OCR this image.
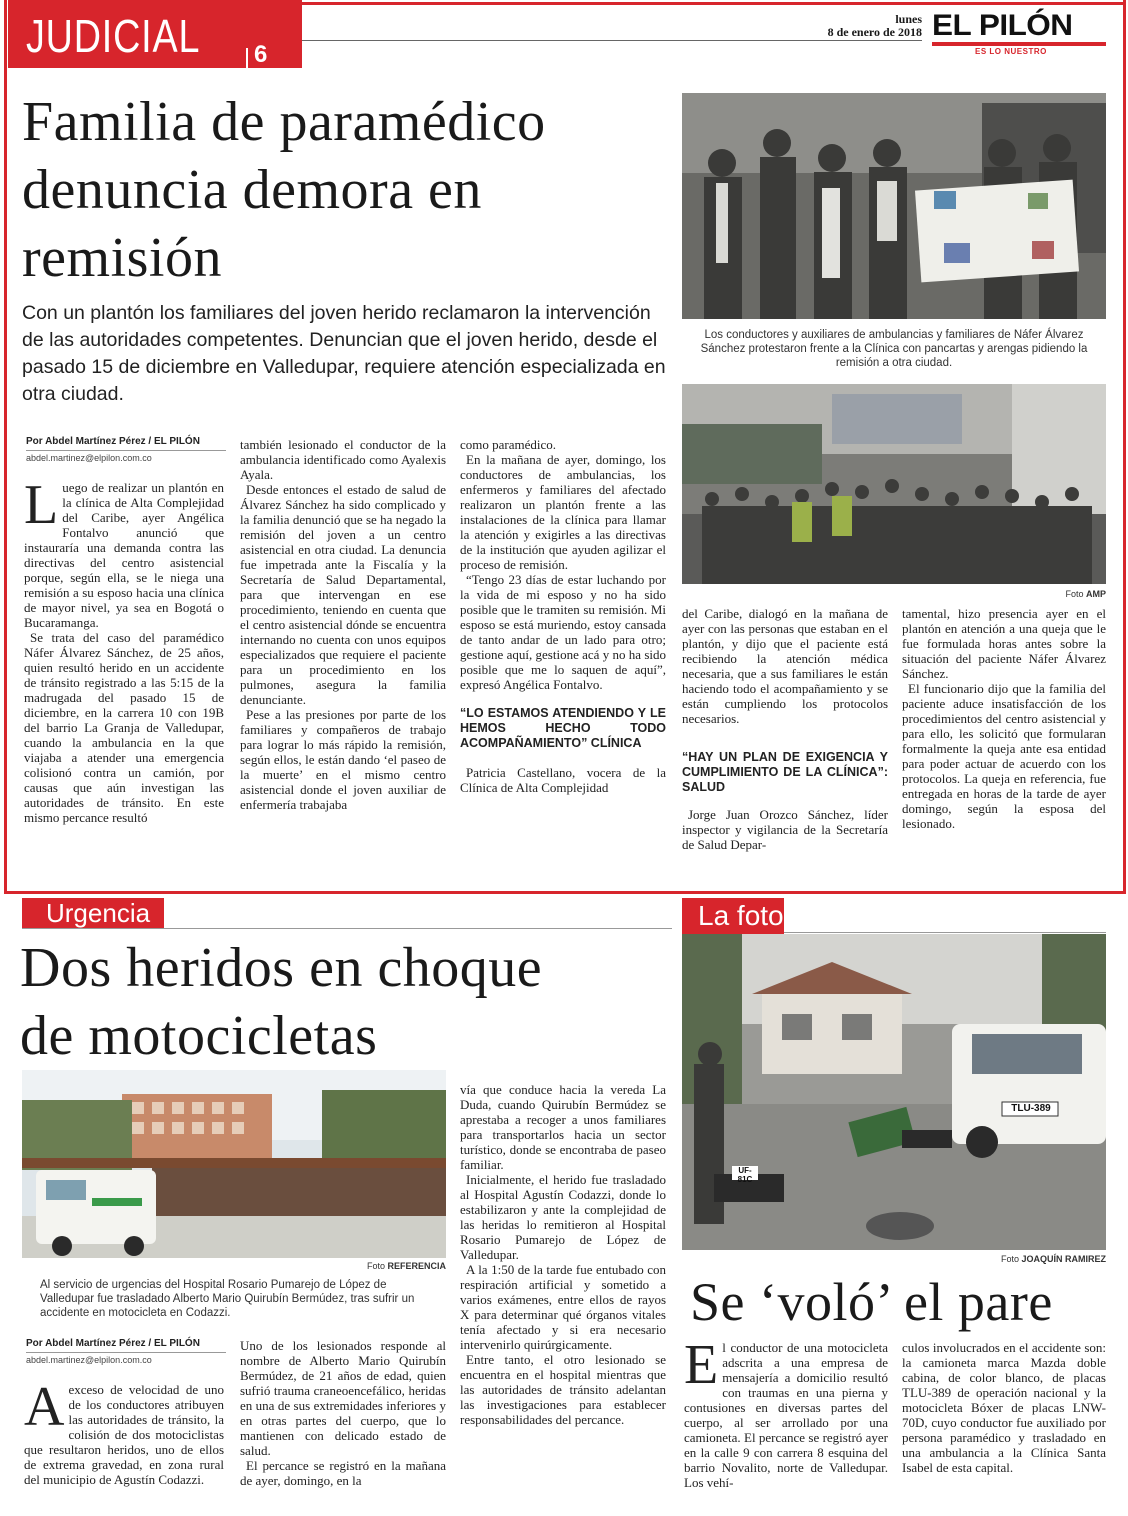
JUDICIAL 6
lunes
8 de enero de 2018 EL PILÓN
ES LO NUESTRO
Familia de paramédico
denuncia demora en
remisión
Con un plantón los familiares del joven herido reclamaron la intervención de las autoridades competentes. Denuncian que el joven herido, desde el pasado 15 de diciembre en Valledupar, requiere atención especializada en otra ciudad.
Los conductores y auxiliares de ambulancias y familiares de Náfer Álvarez Sánchez protestaron frente a la Clínica con pancartas y arengas pidiendo la remisión a otra ciudad.
Foto AMP
Por Abdel Martínez Pérez / EL PILÓN
abdel.martinez@elpilon.com.co
L uego de realizar un plantón en la clínica de Alta Complejidad del Caribe, ayer Angélica Fontalvo anunció que instauraría una demanda contra las directivas del centro asistencial porque, según ella, se le niega una remisión a su esposo hacia una clínica de mayor nivel, ya sea en Bogotá o Bucaramanga.

Se trata del caso del paramédico Náfer Álvarez Sánchez, de 25 años, quien resultó herido en un accidente de tránsito registrado a las 5:15 de la madrugada del pasado 15 de diciembre, en la carrera 10 con 19B del barrio La Granja de Valledupar, cuando la ambulancia en la que viajaba a atender una emergencia colisionó contra un camión, por causas que aún investigan las autoridades de tránsito. En este mismo percance resultó

también lesionado el conductor de la ambulancia identificado como Ayalexis Ayala.

Desde entonces el estado de salud de Álvarez Sánchez ha sido complicado y la familia denunció que se ha negado la remisión del joven a un centro asistencial en otra ciudad. La denuncia fue impetrada ante la Fiscalía y la Secretaría de Salud Departamental, para que intervengan en ese procedimiento, teniendo en cuenta que el centro asistencial dónde se encuentra internando no cuenta con unos equipos especializados que requiere el paciente para un procedimiento en los pulmones, asegura la familia denunciante.

Pese a las presiones por parte de los familiares y compañeros de trabajo para lograr lo más rápido la remisión, según ellos, le están dando ‘el paseo de la muerte’ en el mismo centro asistencial donde el joven auxiliar de enfermería trabajaba

como paramédico.

En la mañana de ayer, domingo, los conductores de ambulancias, los enfermeros y familiares del afectado realizaron un plantón frente a las instalaciones de la clínica para llamar la atención y exigirles a las directivas de la institución que ayuden agilizar el proceso de remisión.

“Tengo 23 días de estar luchando por la vida de mi esposo y no ha sido posible que le tramiten su remisión. Mi esposo se está muriendo, estoy cansada de tanto andar de un lado para otro; gestione aquí, gestione acá y no ha sido posible que me lo saquen de aquí”, expresó Angélica Fontalvo.

“LO ESTAMOS ATENDIENDO Y LE HEMOS HECHO TODO ACOMPAÑAMIENTO” CLÍNICA

Patricia Castellano, vocera de la Clínica de Alta Complejidad

del Caribe, dialogó en la mañana de ayer con las personas que estaban en el plantón, y dijo que el paciente está recibiendo la atención médica necesaria, que a sus familiares le están haciendo todo el acompañamiento y se están cumpliendo los protocolos necesarios.

“HAY UN PLAN DE EXIGENCIA Y CUMPLIMIENTO DE LA CLÍNICA”: SALUD

Jorge Juan Orozco Sánchez, líder inspector y vigilancia de la Secretaría de Salud Depar-

tamental, hizo presencia ayer en el plantón en atención a una queja que le fue formulada horas antes sobre la situación del paciente Náfer Álvarez Sánchez.

El funcionario dijo que la familia del paciente aduce insatisfacción de los procedimientos del centro asistencial y para ello, les solicitó que formularan formalmente la queja ante esa entidad para poder actuar de acuerdo con los protocolos. La queja en referencia, fue entregada en horas de la tarde de ayer domingo, según la esposa del lesionado.

Urgencia
Dos heridos en choque
de motocicletas
Foto REFERENCIA
Al servicio de urgencias del Hospital Rosario Pumarejo de López de Valledupar fue trasladado Alberto Mario Quirubín Bermúdez, tras sufrir un accidente en motocicleta en Codazzi.
Por Abdel Martínez Pérez / EL PILÓN
abdel.martinez@elpilon.com.co
A exceso de velocidad de uno de los conductores atribuyen las autoridades de tránsito, la colisión de dos motociclistas que resultaron heridos, uno de ellos de extrema gravedad, en zona rural del municipio de Agustín Codazzi.

Uno de los lesionados responde al nombre de Alberto Mario Quirubín Bermúdez, de 21 años de edad, quien sufrió trauma craneoencefálico, heridas en una de sus extremidades inferiores y en otras partes del cuerpo, que lo mantienen con delicado estado de salud.

El percance se registró en la mañana de ayer, domingo, en la

vía que conduce hacia la vereda La Duda, cuando Quirubín Bermúdez se aprestaba a recoger a unos familiares para transportarlos hacia un sector turístico, donde se encontraba de paseo familiar.

Inicialmente, el herido fue trasladado al Hospital Agustín Codazzi, donde lo estabilizaron y ante la complejidad de las heridas lo remitieron al Hospital Rosario Pumarejo de López de Valledupar.

A la 1:50 de la tarde fue entubado con respiración artificial y sometido a varios exámenes, entre ellos de rayos X para determinar qué órganos vitales tenía afectado y si era necesario intervenirlo quirúrgicamente.

Entre tanto, el otro lesionado se encuentra en el hospital mientras que las autoridades de tránsito adelantan las investigaciones para establecer responsabilidades del percance.

La foto
TLU-389
UF-81C
Foto JOAQUÍN RAMIREZ
Se ‘voló’ el pare
E l conductor de una motocicleta adscrita a una empresa de mensajería a domicilio resultó con traumas en una pierna y contusiones en diversas partes del cuerpo, al ser arrollado por una camioneta. El percance se registró ayer en la calle 9 con carrera 8 esquina del barrio Novalito, norte de Valledupar. Los vehí-

culos involucrados en el accidente son: la camioneta marca Mazda doble cabina, de color blanco, de placas TLU-389 de operación nacional y la motocicleta Bóxer de placas LNW-70D, cuyo conductor fue auxiliado por persona paramédico y trasladado en una ambulancia a la Clínica Santa Isabel de esta capital.
